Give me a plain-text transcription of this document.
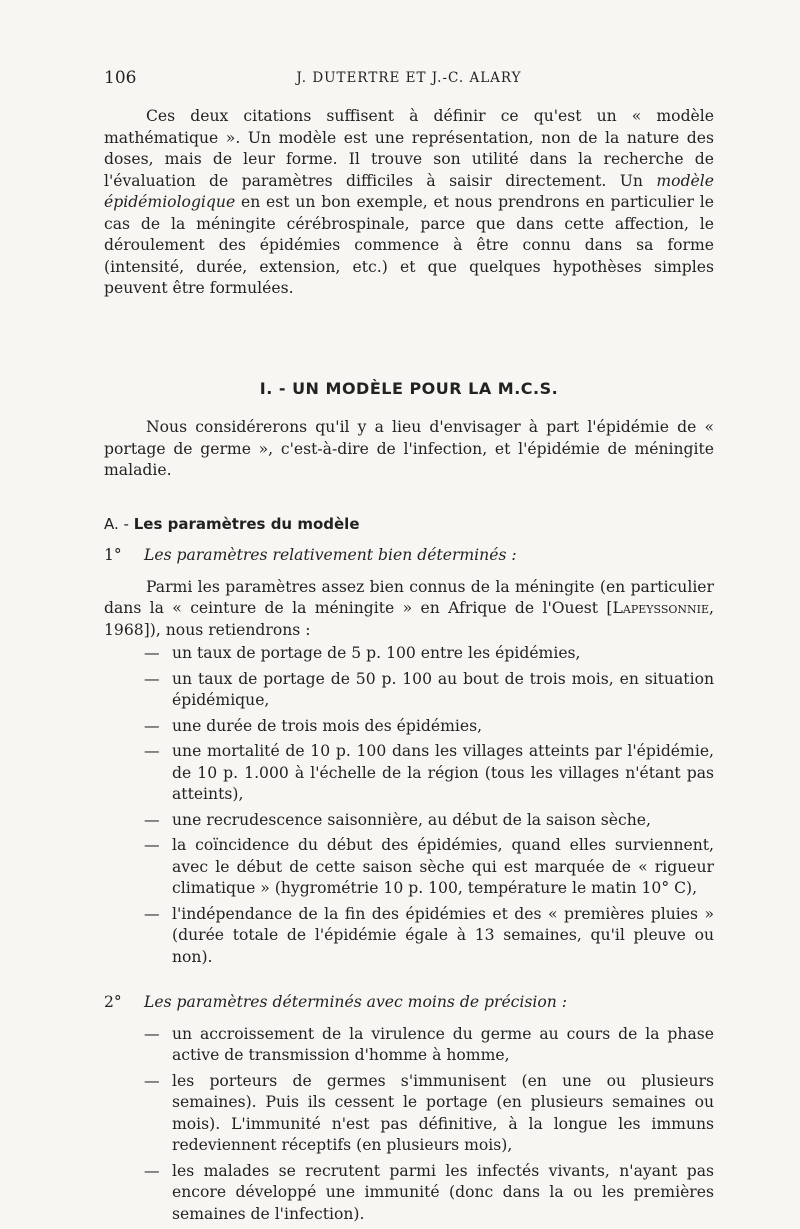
106	J. DUTERTRE ET J.-C. ALARY

Ces deux citations suffisent à définir ce qu'est un « modèle mathématique ». Un modèle est une représentation, non de la nature des doses, mais de leur forme. Il trouve son utilité dans la recherche de l'évaluation de paramètres difficiles à saisir directement. Un modèle épidémiologique en est un bon exemple, et nous prendrons en particulier le cas de la méningite cérébrospinale, parce que dans cette affection, le déroulement des épidémies commence à être connu dans sa forme (intensité, durée, extension, etc.) et que quelques hypothèses simples peuvent être formulées.

I. - UN MODÈLE POUR LA M.C.S.

Nous considérerons qu'il y a lieu d'envisager à part l'épidémie de « portage de germe », c'est-à-dire de l'infection, et l'épidémie de méningite maladie.

A. - Les paramètres du modèle
1° Les paramètres relativement bien déterminés :

Parmi les paramètres assez bien connus de la méningite (en particulier dans la « ceinture de la méningite » en Afrique de l'Ouest [Lapeyssonnie, 1968]), nous retiendrons :

— un taux de portage de 5 p. 100 entre les épidémies,
— un taux de portage de 50 p. 100 au bout de trois mois, en situation épidémique,
— une durée de trois mois des épidémies,
— une mortalité de 10 p. 100 dans les villages atteints par l'épidémie, de 10 p. 1.000 à l'échelle de la région (tous les villages n'étant pas atteints),
— une recrudescence saisonnière, au début de la saison sèche,
— la coïncidence du début des épidémies, quand elles surviennent, avec le début de cette saison sèche qui est marquée de « rigueur climatique » (hygrométrie 10 p. 100, température le matin 10° C),
— l'indépendance de la fin des épidémies et des « premières pluies » (durée totale de l'épidémie égale à 13 semaines, qu'il pleuve ou non).
2° Les paramètres déterminés avec moins de précision :
— un accroissement de la virulence du germe au cours de la phase active de transmission d'homme à homme,
— les porteurs de germes s'immunisent (en une ou plusieurs semaines). Puis ils cessent le portage (en plusieurs semaines ou mois). L'immunité n'est pas définitive, à la longue les immuns redeviennent réceptifs (en plusieurs mois),
— les malades se recrutent parmi les infectés vivants, n'ayant pas encore développé une immunité (donc dans la ou les premières semaines de l'infection).
